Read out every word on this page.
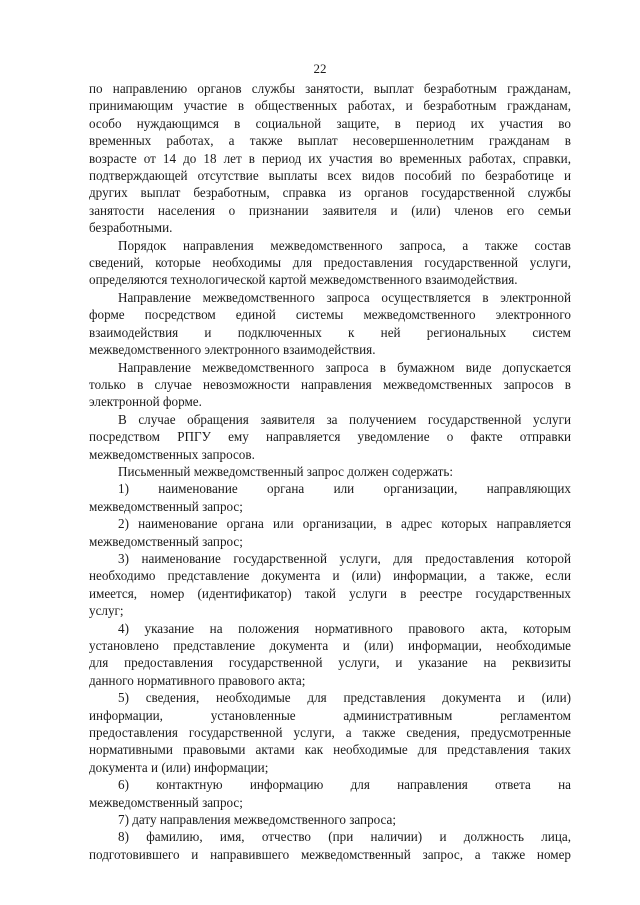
22
по направлению органов службы занятости, выплат безработным гражданам,
принимающим участие в общественных работах, и безработным гражданам,
особо нуждающимся в социальной защите, в период их участия во
временных работах, а также выплат несовершеннолетним гражданам в
возрасте от 14 до 18 лет в период их участия во временных работах, справки,
подтверждающей отсутствие выплаты всех видов пособий по безработице и
других выплат безработным, справка из органов государственной службы
занятости населения о признании заявителя и (или) членов его семьи
безработными.
Порядок направления межведомственного запроса, а также состав
сведений, которые необходимы для предоставления государственной услуги,
определяются технологической картой межведомственного взаимодействия.
Направление межведомственного запроса осуществляется в электронной
форме посредством единой системы межведомственного электронного
взаимодействия и подключенных к ней региональных систем
межведомственного электронного взаимодействия.
Направление межведомственного запроса в бумажном виде допускается
только в случае невозможности направления межведомственных запросов в
электронной форме.
В случае обращения заявителя за получением государственной услуги
посредством РПГУ ему направляется уведомление о факте отправки
межведомственных запросов.
Письменный межведомственный запрос должен содержать:
1) наименование органа или организации, направляющих
межведомственный запрос;
2) наименование органа или организации, в адрес которых направляется
межведомственный запрос;
3) наименование государственной услуги, для предоставления которой
необходимо представление документа и (или) информации, а также, если
имеется, номер (идентификатор) такой услуги в реестре государственных
услуг;
4) указание на положения нормативного правового акта, которым
установлено представление документа и (или) информации, необходимые
для предоставления государственной услуги, и указание на реквизиты
данного нормативного правового акта;
5) сведения, необходимые для представления документа и (или)
информации, установленные административным регламентом
предоставления государственной услуги, а также сведения, предусмотренные
нормативными правовыми актами как необходимые для представления таких
документа и (или) информации;
6) контактную информацию для направления ответа на
межведомственный запрос;
7) дату направления межведомственного запроса;
8) фамилию, имя, отчество (при наличии) и должность лица,
подготовившего и направившего межведомственный запрос, а также номер
